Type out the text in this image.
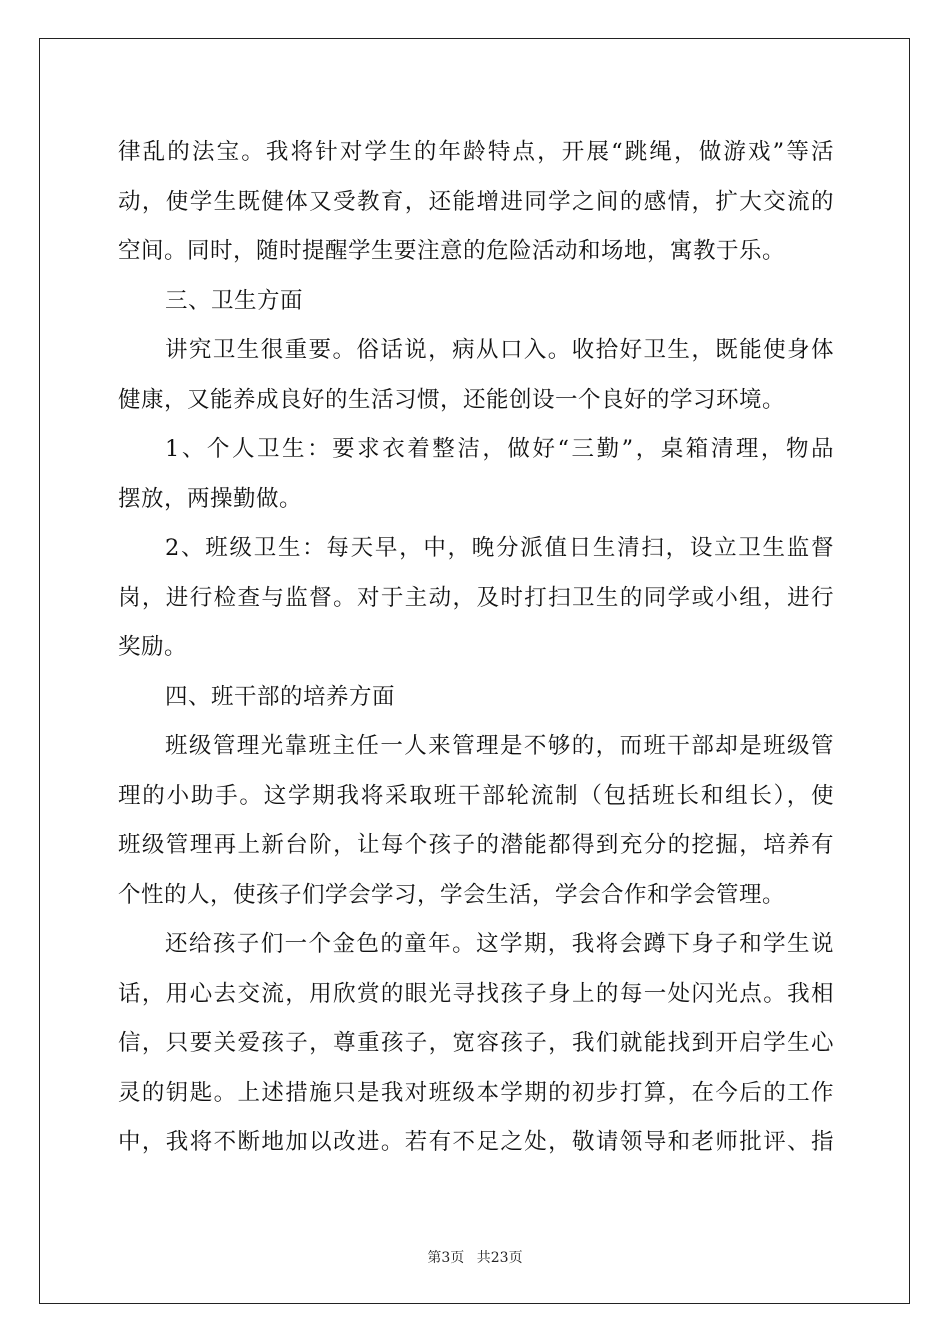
律乱的法宝。我将针对学生的年龄特点，开展“跳绳，做游戏”等活
动，使学生既健体又受教育，还能增进同学之间的感情，扩大交流的
空间。同时，随时提醒学生要注意的危险活动和场地，寓教于乐。
三、卫生方面
讲究卫生很重要。俗话说，病从口入。收拾好卫生，既能使身体
健康，又能养成良好的生活习惯，还能创设一个良好的学习环境。
1、个人卫生：要求衣着整洁，做好“三勤”，桌箱清理，物品
摆放，两操勤做。
2、班级卫生：每天早，中，晚分派值日生清扫，设立卫生监督
岗，进行检查与监督。对于主动，及时打扫卫生的同学或小组，进行
奖励。
四、班干部的培养方面
班级管理光靠班主任一人来管理是不够的，而班干部却是班级管
理的小助手。这学期我将采取班干部轮流制（包括班长和组长），使
班级管理再上新台阶，让每个孩子的潜能都得到充分的挖掘，培养有
个性的人，使孩子们学会学习，学会生活，学会合作和学会管理。
还给孩子们一个金色的童年。这学期，我将会蹲下身子和学生说
话，用心去交流，用欣赏的眼光寻找孩子身上的每一处闪光点。我相
信，只要关爱孩子，尊重孩子，宽容孩子，我们就能找到开启学生心
灵的钥匙。上述措施只是我对班级本学期的初步打算，在今后的工作
中，我将不断地加以改进。若有不足之处，敬请领导和老师批评、指
第3页 共23页
